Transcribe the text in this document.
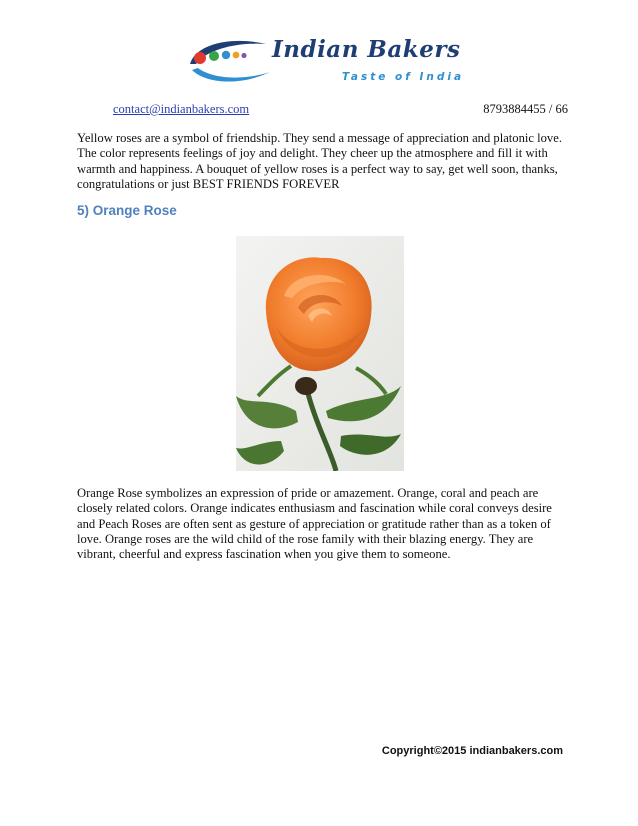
Indian Bakers
Taste of India
contact@indianbakers.com	8793884455 / 66

Yellow roses are a symbol of friendship. They send a message of appreciation and platonic love. The color represents feelings of joy and delight. They cheer up the atmosphere and fill it with warmth and happiness. A bouquet of yellow roses is a perfect way to say, get well soon, thanks, congratulations or just BEST FRIENDS FOREVER

5) Orange Rose

Orange Rose symbolizes an expression of pride or amazement. Orange, coral and peach are closely related colors. Orange indicates enthusiasm and fascination while coral conveys desire and Peach Roses are often sent as gesture of appreciation or gratitude rather than as a token of love. Orange roses are the wild child of the rose family with their blazing energy. They are vibrant, cheerful and express fascination when you give them to someone.

Copyright©2015 indianbakers.com
